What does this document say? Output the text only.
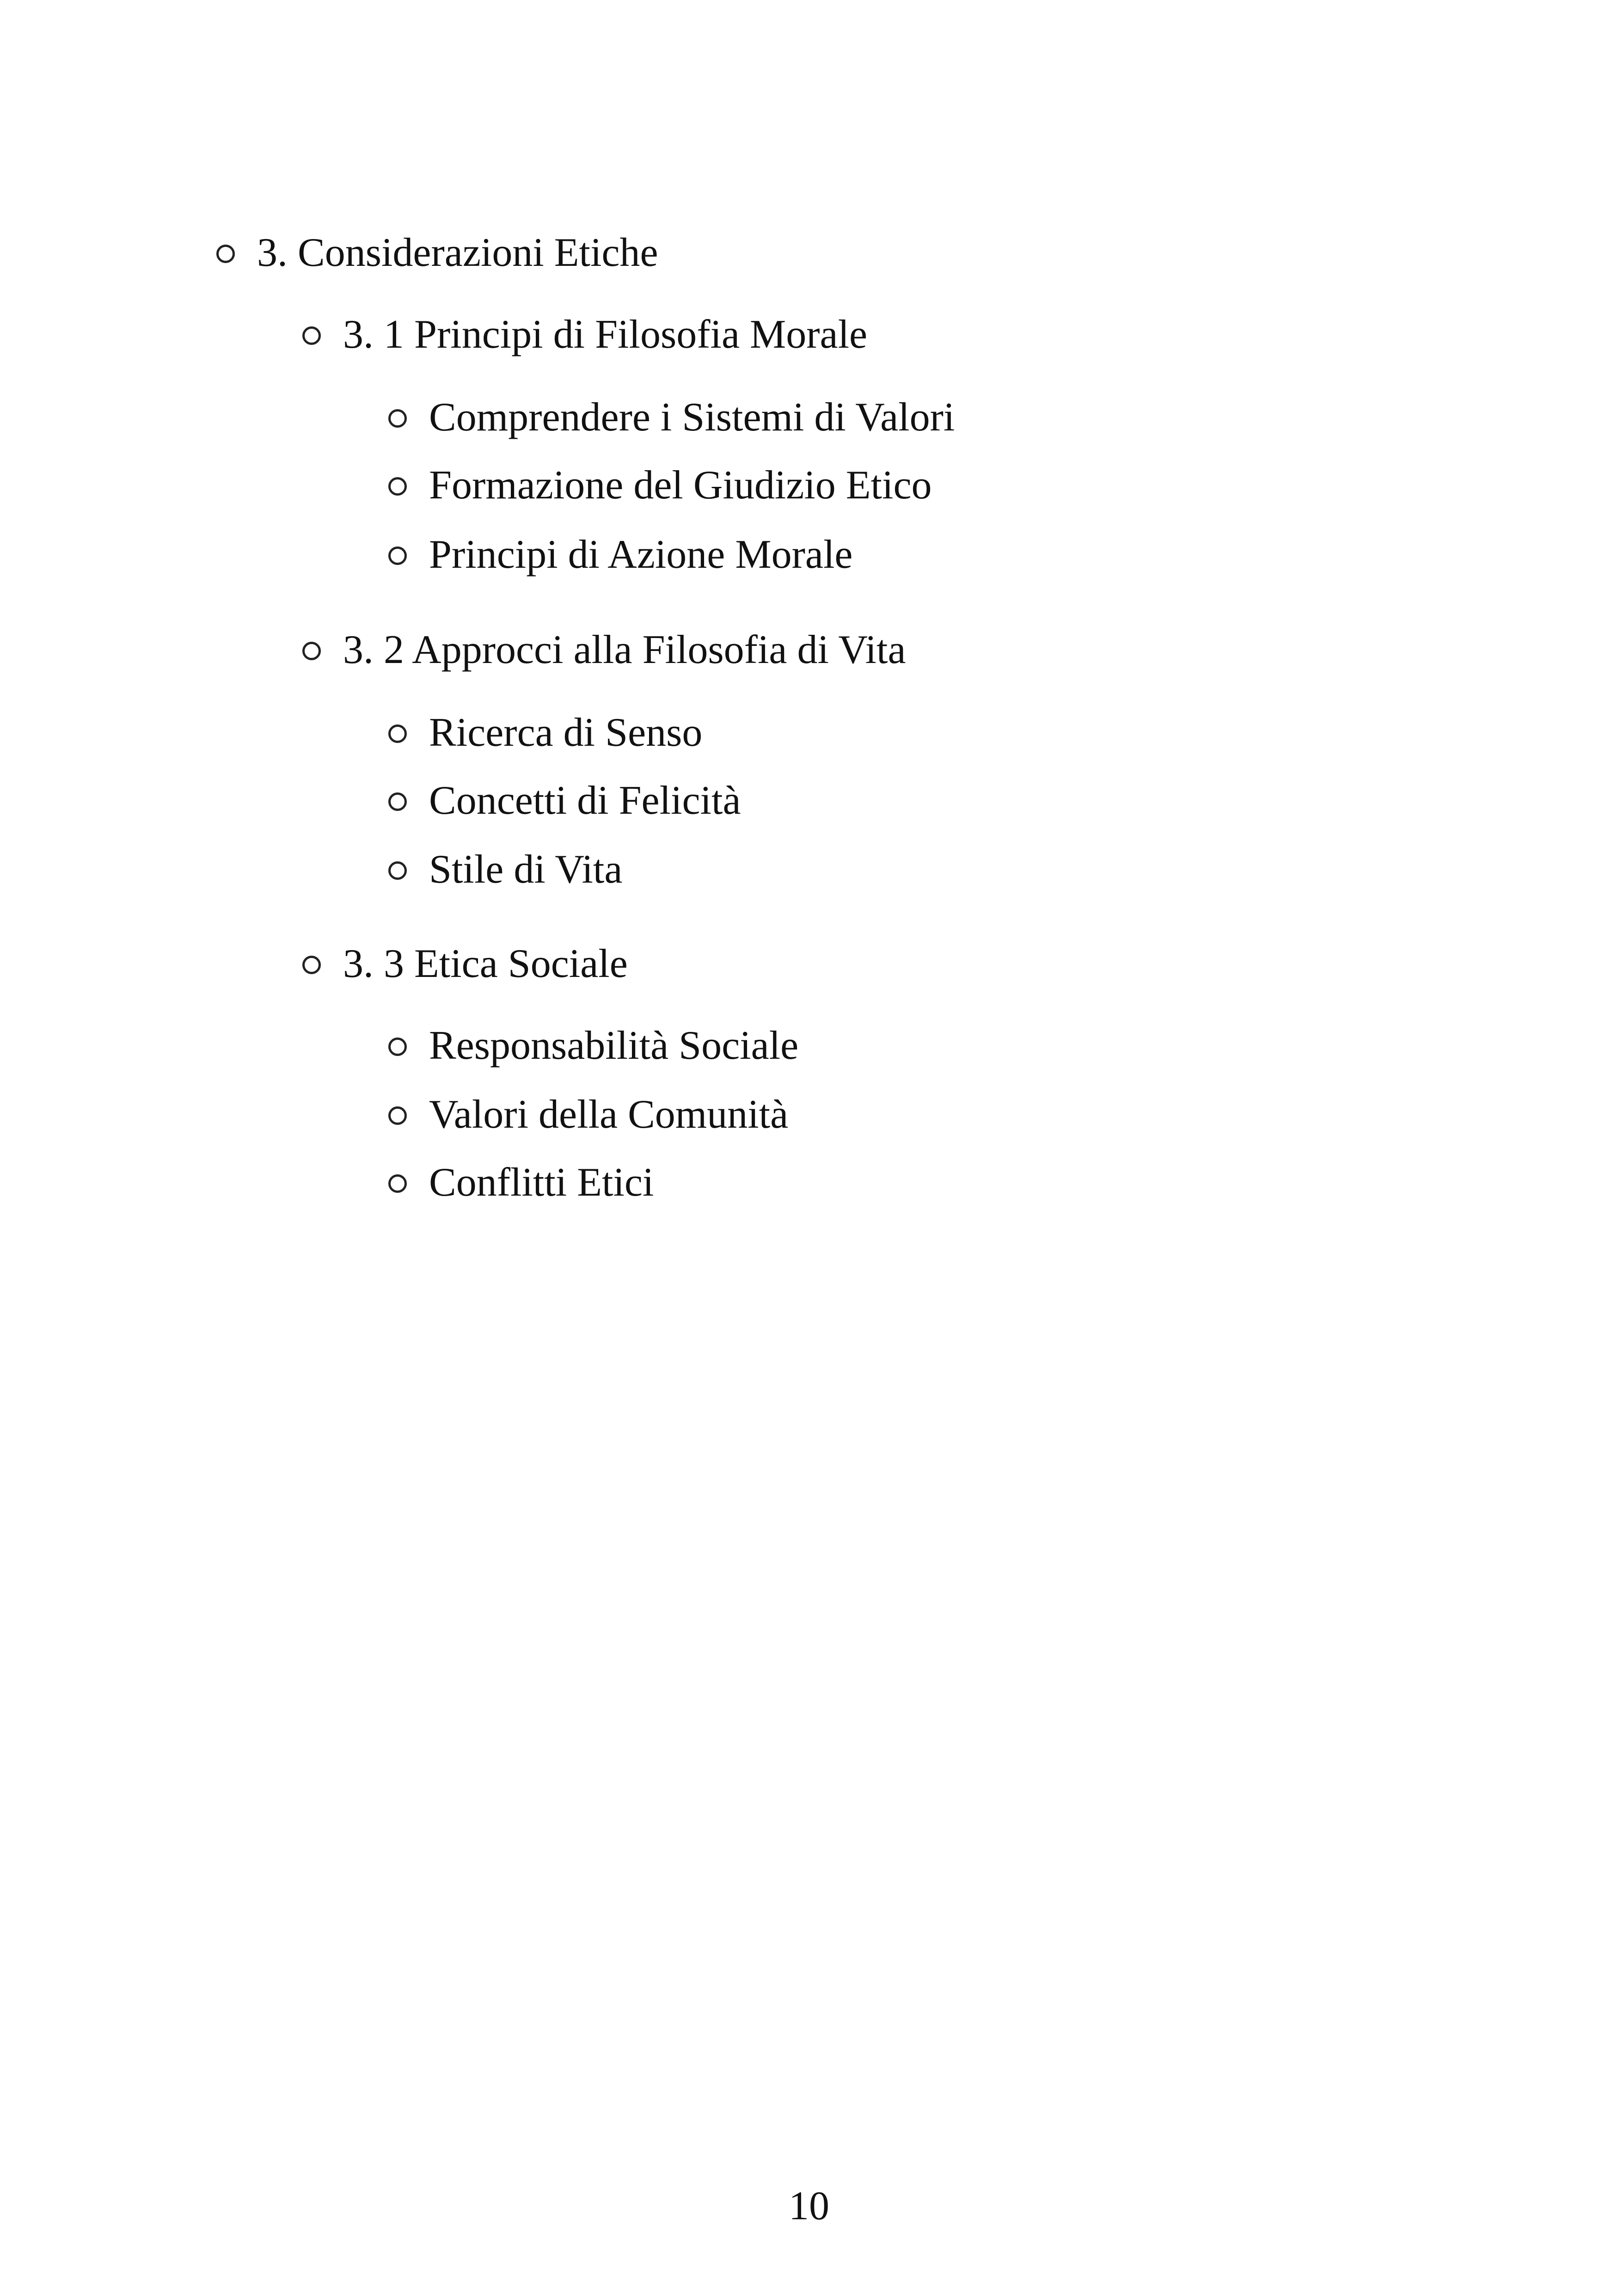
3. Considerazioni Etiche
3. 1 Principi di Filosofia Morale
Comprendere i Sistemi di Valori
Formazione del Giudizio Etico
Principi di Azione Morale
3. 2 Approcci alla Filosofia di Vita
Ricerca di Senso
Concetti di Felicità
Stile di Vita
3. 3 Etica Sociale
Responsabilità Sociale
Valori della Comunità
Conflitti Etici
10
